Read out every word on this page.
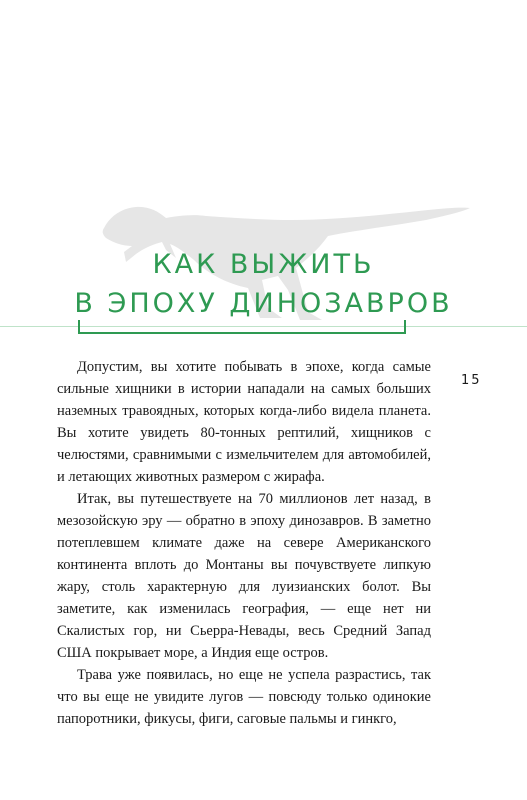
КАК ВЫЖИТЬ
В ЭПОХУ ДИНОЗАВРОВ
15

Допустим, вы хотите побывать в эпохе, когда самые сильные хищники в истории нападали на самых больших наземных травоядных, которых когда-либо видела планета. Вы хотите увидеть 80-тонных рептилий, хищников с челюстями, сравнимыми с измельчителем для автомобилей, и летающих животных размером с жирафа.

Итак, вы путешествуете на 70 миллионов лет назад, в мезозойскую эру — обратно в эпоху динозавров. В заметно потеплевшем климате даже на севере Американского континента вплоть до Монтаны вы почувствуете липкую жару, столь характерную для луизианских болот. Вы заметите, как изменилась география, — еще нет ни Скалистых гор, ни Сьерра-Невады, весь Средний Запад США покрывает море, а Индия еще остров.

Трава уже появилась, но еще не успела разрастись, так что вы еще не увидите лугов — повсюду только одинокие папоротники, фикусы, фиги, саговые пальмы и гинкго,
